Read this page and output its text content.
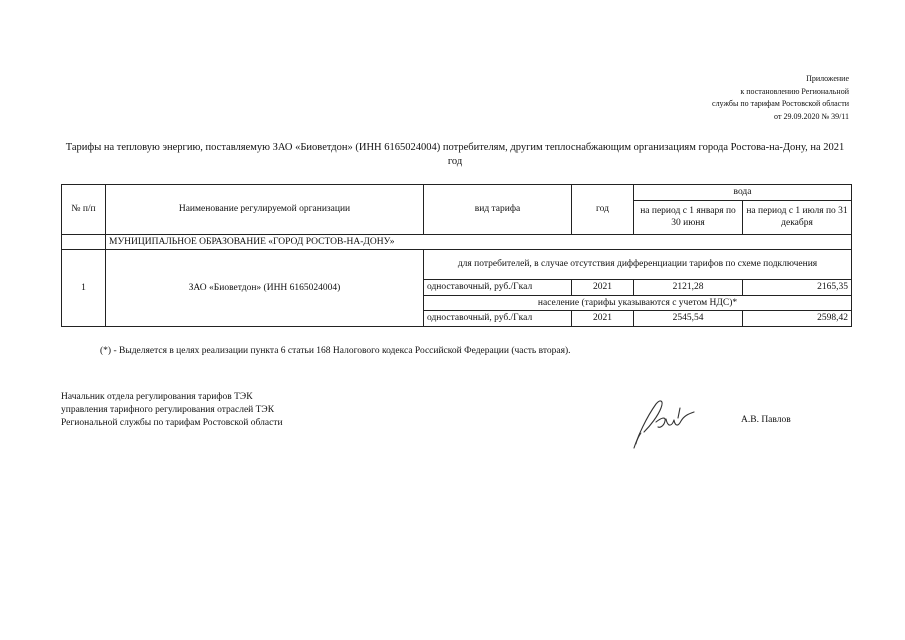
Приложение
к постановлению Региональной
службы по тарифам Ростовской области
от 29.09.2020 № 39/11
Тарифы на тепловую энергию, поставляемую ЗАО «Биоветдон» (ИНН 6165024004) потребителям, другим теплоснабжающим организациям города Ростова-на-Дону, на 2021 год
№ п/п	Наименование регулируемой организации	вид тарифа	год	вода	
				на период с 1 января по 30 июня	на период с 1 июля по 31 декабря
	МУНИЦИПАЛЬНОЕ ОБРАЗОВАНИЕ «ГОРОД РОСТОВ-НА-ДОНУ»				
1	ЗАО «Биоветдон» (ИНН 6165024004)	для потребителей, в случае отсутствия дифференциации тарифов по схеме подключения			
		одноставочный, руб./Гкал	2021	2121,28	2165,35
		население (тарифы указываются с учетом НДС)*			
		одноставочный, руб./Гкал	2021	2545,54	2598,42
(*) - Выделяется в целях реализации пункта 6 статьи 168 Налогового кодекса Российской Федерации (часть вторая).
Начальник отдела регулирования тарифов ТЭК
управления тарифного регулирования отраслей ТЭК
Региональной службы по тарифам Ростовской области	А.В. Павлов
